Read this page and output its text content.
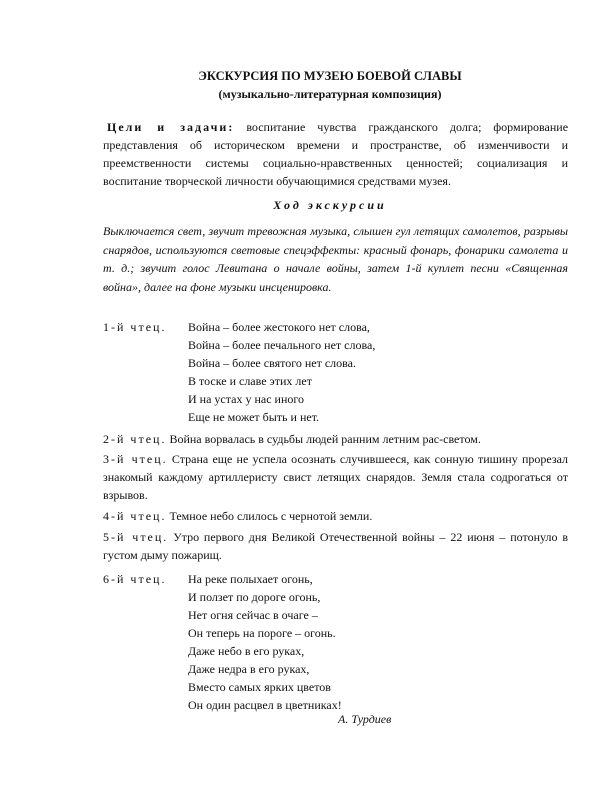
ЭКСКУРСИЯ ПО МУЗЕЮ БОЕВОЙ СЛАВЫ
(музыкально-литературная композиция)
Цели и задачи: воспитание чувства гражданского долга; формирование представления об историческом времени и пространстве, об изменчивости и преемственности системы социально-нравственных ценностей; социализация и воспитание творческой личности обучающимися средствами музея.
Ход экскурсии
Выключается свет, звучит тревожная музыка, слышен гул летящих самолетов, разрывы снарядов, используются световые спецэффекты: красный фонарь, фонарики самолета и т. д.; звучит голос Левитана о начале войны, затем 1-й куплет песни «Священная война», далее на фоне музыки инсценировка.
1-й чтец. Война – более жестокого нет слова,
Война – более печального нет слова,
Война – более святого нет слова.
В тоске и славе этих лет
И на устах у нас иного
Еще не может быть и нет.
2-й чтец. Война ворвалась в судьбы людей ранним летним рас-светом.
3-й чтец. Страна еще не успела осознать случившееся, как сонную тишину прорезал знакомый каждому артиллеристу свист летящих снарядов. Земля стала содрогаться от взрывов.
4-й чтец. Темное небо слилось с чернотой земли.
5-й чтец. Утро первого дня Великой Отечественной войны – 22 июня – потонуло в густом дыму пожарищ.
6-й чтец. На реке полыхает огонь,
И ползет по дороге огонь,
Нет огня сейчас в очаге –
Он теперь на пороге – огонь.
Даже небо в его руках,
Даже недра в его руках,
Вместо самых ярких цветов
Он один расцвел в цветниках!
А. Турдиев
